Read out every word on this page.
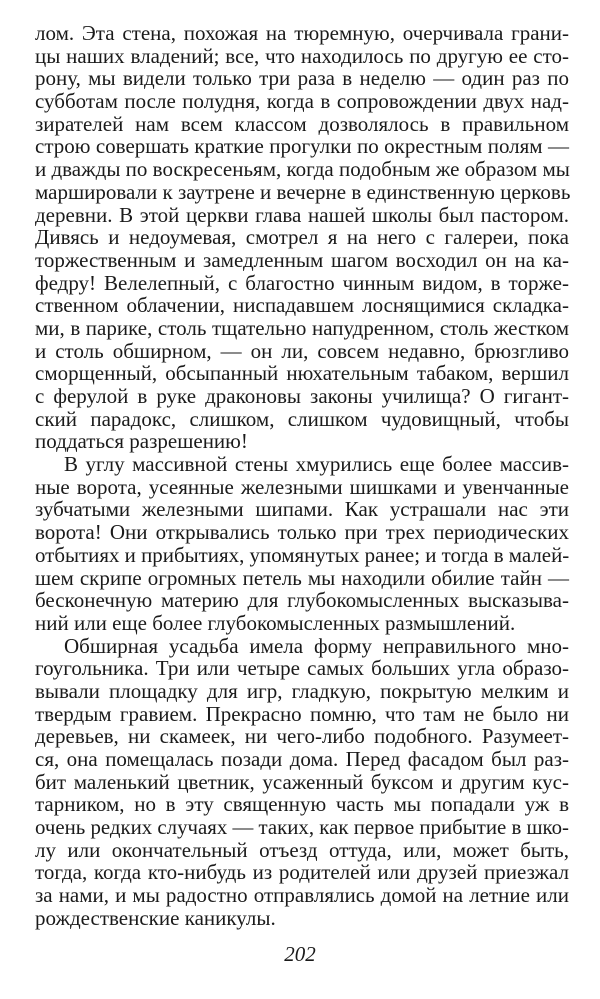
лом. Эта стена, похожая на тюремную, очерчивала грани-
цы наших владений; все, что находилось по другую ее сто-
рону, мы видели только три раза в неделю — один раз по
субботам после полудня, когда в сопровождении двух над-
зирателей нам всем классом дозволялось в правильном
строю совершать краткие прогулки по окрестным полям —
и дважды по воскресеньям, когда подобным же образом мы
маршировали к заутрене и вечерне в единственную церковь
деревни. В этой церкви глава нашей школы был пастором.
Дивясь и недоумевая, смотрел я на него с галереи, пока
торжественным и замедленным шагом восходил он на ка-
федру! Велелепный, с благостно чинным видом, в торже-
ственном облачении, ниспадавшем лоснящимися складка-
ми, в парике, столь тщательно напудренном, столь жестком
и столь обширном, — он ли, совсем недавно, брюзгливо
сморщенный, обсыпанный нюхательным табаком, вершил
с ферулой в руке драконовы законы училища? О гигант-
ский парадокс, слишком, слишком чудовищный, чтобы
поддаться разрешению!
В углу массивной стены хмурились еще более массив-
ные ворота, усеянные железными шишками и увенчанные
зубчатыми железными шипами. Как устрашали нас эти
ворота! Они открывались только при трех периодических
отбытиях и прибытиях, упомянутых ранее; и тогда в малей-
шем скрипе огромных петель мы находили обилие тайн —
бесконечную материю для глубокомысленных высказыва-
ний или еще более глубокомысленных размышлений.
Обширная усадьба имела форму неправильного мно-
гоугольника. Три или четыре самых больших угла образо-
вывали площадку для игр, гладкую, покрытую мелким и
твердым гравием. Прекрасно помню, что там не было ни
деревьев, ни скамеек, ни чего-либо подобного. Разумеет-
ся, она помещалась позади дома. Перед фасадом был раз-
бит маленький цветник, усаженный буксом и другим кус-
тарником, но в эту священную часть мы попадали уж в
очень редких случаях — таких, как первое прибытие в шко-
лу или окончательный отъезд оттуда, или, может быть,
тогда, когда кто-нибудь из родителей или друзей приезжал
за нами, и мы радостно отправлялись домой на летние или
рождественские каникулы.
202
